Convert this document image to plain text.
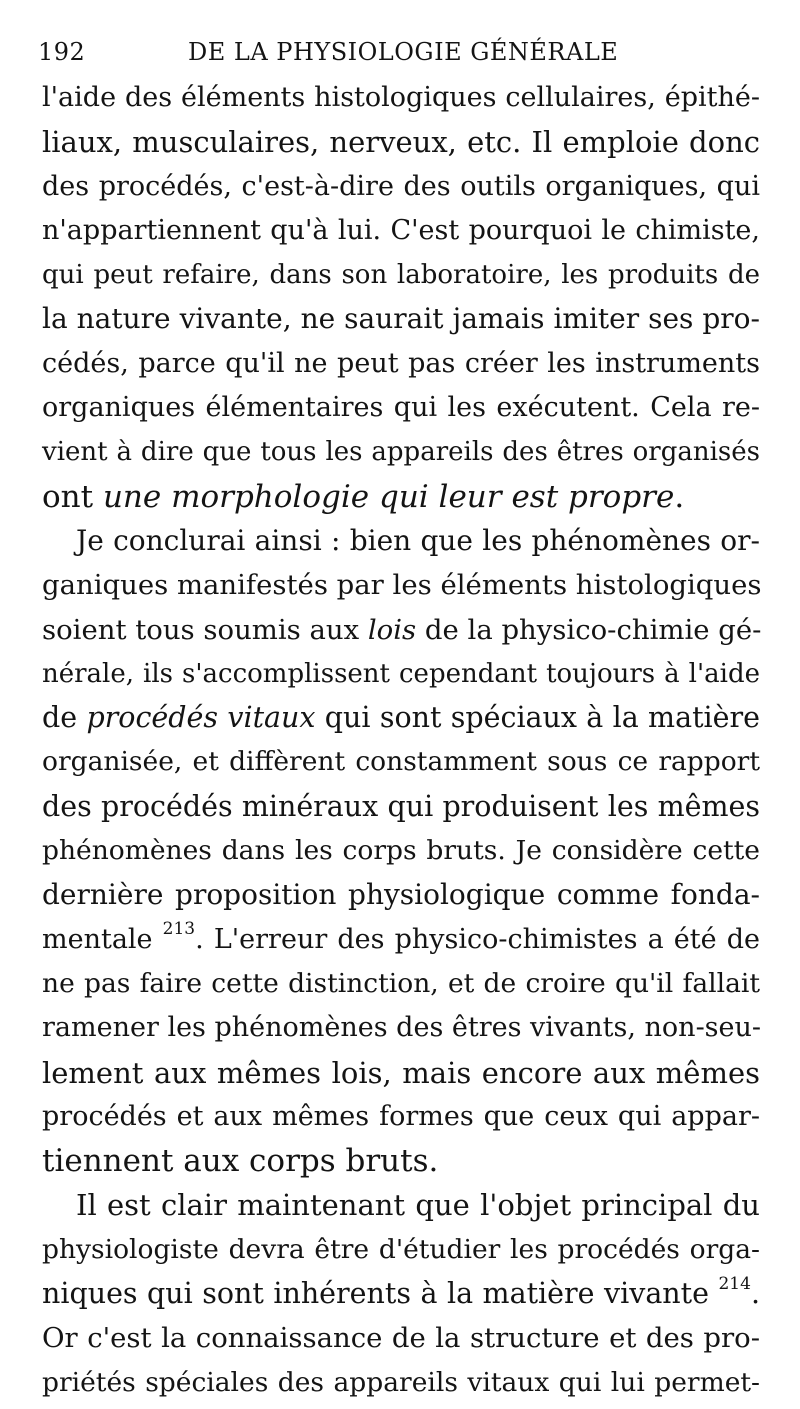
192	DE LA PHYSIOLOGIE GÉNÉRALE
l'aide des éléments histologiques cellulaires, épithé-
liaux, musculaires, nerveux, etc. Il emploie donc
des procédés, c'est-à-dire des outils organiques, qui
n'appartiennent qu'à lui. C'est pourquoi le chimiste,
qui peut refaire, dans son laboratoire, les produits de
la nature vivante, ne saurait jamais imiter ses pro-
cédés, parce qu'il ne peut pas créer les instruments
organiques élémentaires qui les exécutent. Cela re-
vient à dire que tous les appareils des êtres organisés
ont une morphologie qui leur est propre.
Je conclurai ainsi : bien que les phénomènes or-
ganiques manifestés par les éléments histologiques
soient tous soumis aux lois de la physico-chimie gé-
nérale, ils s'accomplissent cependant toujours à l'aide
de procédés vitaux qui sont spéciaux à la matière
organisée, et diffèrent constamment sous ce rapport
des procédés minéraux qui produisent les mêmes
phénomènes dans les corps bruts. Je considère cette
dernière proposition physiologique comme fonda-
mentale $^{213}$. L'erreur des physico-chimistes a été de
ne pas faire cette distinction, et de croire qu'il fallait
ramener les phénomènes des êtres vivants, non-seu-
lement aux mêmes lois, mais encore aux mêmes
procédés et aux mêmes formes que ceux qui appar-
tiennent aux corps bruts.
Il est clair maintenant que l'objet principal du
physiologiste devra être d'étudier les procédés orga-
niques qui sont inhérents à la matière vivante $^{214}$.
Or c'est la connaissance de la structure et des pro-
priétés spéciales des appareils vitaux qui lui permet-
